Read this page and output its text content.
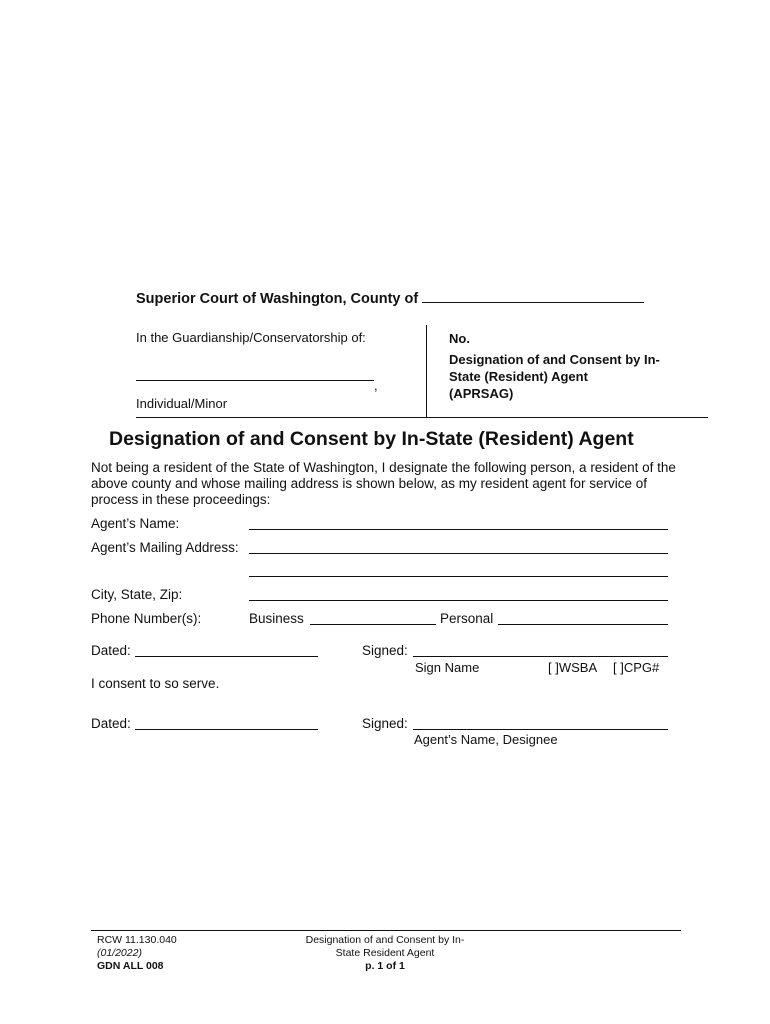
Superior Court of Washington, County of
In the Guardianship/Conservatorship of:
,
Individual/Minor
No.
Designation of and Consent by In-State (Resident) Agent
(APRSAG)
Designation of and Consent by In-State (Resident) Agent
Not being a resident of the State of Washington, I designate the following person, a resident of the above county and whose mailing address is shown below, as my resident agent for service of process in these proceedings:
Agent’s Name:
Agent’s Mailing Address:
City, State, Zip:
Phone Number(s):	Business	Personal
Dated:	Signed:
Sign Name	[ ]WSBA [ ]CPG#
I consent to so serve.
Dated:	Signed:
Agent’s Name, Designee
RCW 11.130.040
(01/2022)
GDN ALL 008
Designation of and Consent by In-
State Resident Agent
p. 1 of 1
